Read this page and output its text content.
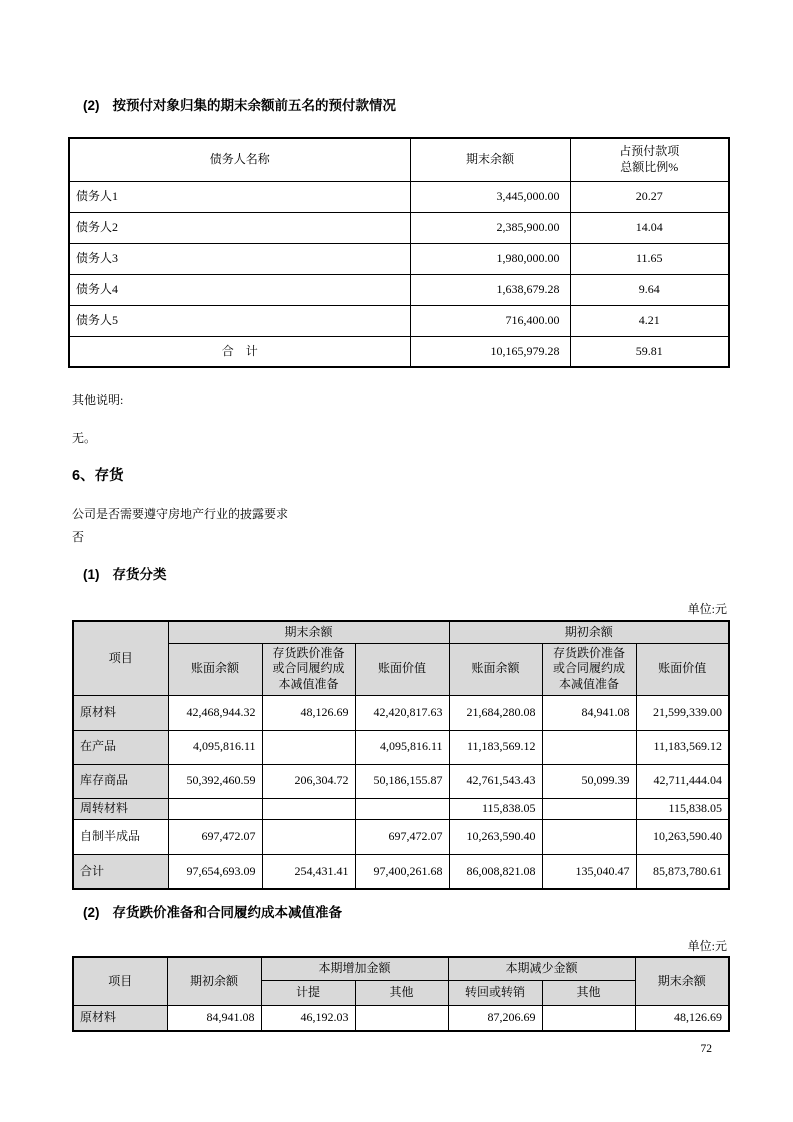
(2) 按预付对象归集的期末余额前五名的预付款情况
债务人名称	期末余额	占预付款项
总额比例%

债务人1	3,445,000.00	20.27
债务人2	2,385,900.00	14.04
债务人3	1,980,000.00	11.65
债务人4	1,638,679.28	9.64
债务人5	716,400.00	4.21
合　计	10,165,979.28	59.81
其他说明:
无。
6、存货
公司是否需要遵守房地产行业的披露要求
否
(1) 存货分类
单位:元
项目	期末余额			期初余额		
	账面余额	存货跌价准备或合同履约成本减值准备	账面价值	账面余额	存货跌价准备或合同履约成本减值准备	账面价值
原材料	42,468,944.32	48,126.69	42,420,817.63	21,684,280.08	84,941.08	21,599,339.00
在产品	4,095,816.11		4,095,816.11	11,183,569.12		11,183,569.12
库存商品	50,392,460.59	206,304.72	50,186,155.87	42,761,543.43	50,099.39	42,711,444.04
周转材料				115,838.05		115,838.05
自制半成品	697,472.07		697,472.07	10,263,590.40		10,263,590.40
合计	97,654,693.09	254,431.41	97,400,261.68	86,008,821.08	135,040.47	85,873,780.61
(2) 存货跌价准备和合同履约成本减值准备
单位:元
项目	期初余额	本期增加金额		本期减少金额		期末余额
		计提	其他	转回或转销	其他	
原材料	84,941.08	46,192.03		87,206.69		48,126.69
72
